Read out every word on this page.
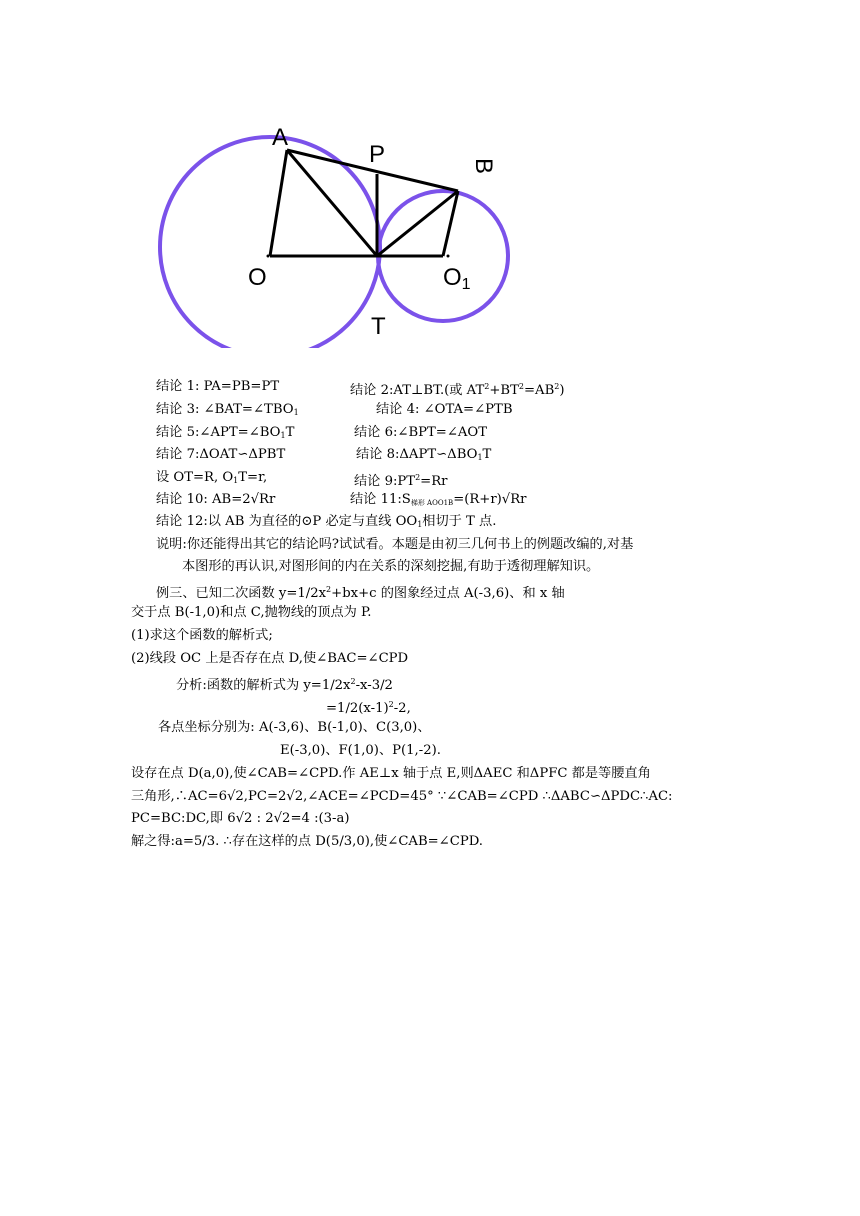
A
P	B
O	O1
T
结论 1: PA=PB=PT	结论 2:AT⊥BT.(或 $AT^2+BT^2=AB^2$)
结论 3: $\angle BAT=\angle TBO_1$	结论 4: ∠OTA=∠PTB
结论 $5:\angle APT=\angle BO_1T$	结论 6:∠BPT=∠AOT
结论 7:ΔOAT∽ΔPBT	结论 $8:\Delta APT∽\Delta BO_1T$
设 OT=R, $O_1T=r$,	结论 $9:PT^2=Rr$
结论 10: AB=2√Rr	结论 $11:S_{梯形 AOO1B}=(R+r)√Rr$
结论 12:以 AB 为直径的⊙P 必定与直线 $OO_1$相切于 T 点.
说明:你还能得出其它的结论吗?试试看。本题是由初三几何书上的例题改编的,对基
本图形的再认识,对图形间的内在关系的深刻挖掘,有助于透彻理解知识。
例三、已知二次函数 $y=1/2x^2+bx+c$ 的图象经过点 A(-3,6)、和 x 轴
交于点 B(-1,0)和点 C,抛物线的顶点为 P.
(1)求这个函数的解析式;
(2)线段 OC 上是否存在点 D,使∠BAC=∠CPD
分析:函数的解析式为 $y=1/2x^2-x-3/2$
$=1/2(x-1)^2-2$,
各点坐标分别为: A(-3,6)、B(-1,0)、C(3,0)、
E(-3,0)、F(1,0)、P(1,-2).
设存在点 D(a,0),使∠CAB=∠CPD.作 AE⊥x 轴于点 E,则ΔAEC 和ΔPFC 都是等腰直角
三角形,∴AC=6√2,PC=2√2,∠ACE=∠PCD=45° ∵∠CAB=∠CPD ∴ΔABC∽ΔPDC∴AC:
PC=BC:DC,即 6√2 : 2√2=4 :(3-a)
解之得:a=5/3. ∴存在这样的点 D(5/3,0),使∠CAB=∠CPD.
